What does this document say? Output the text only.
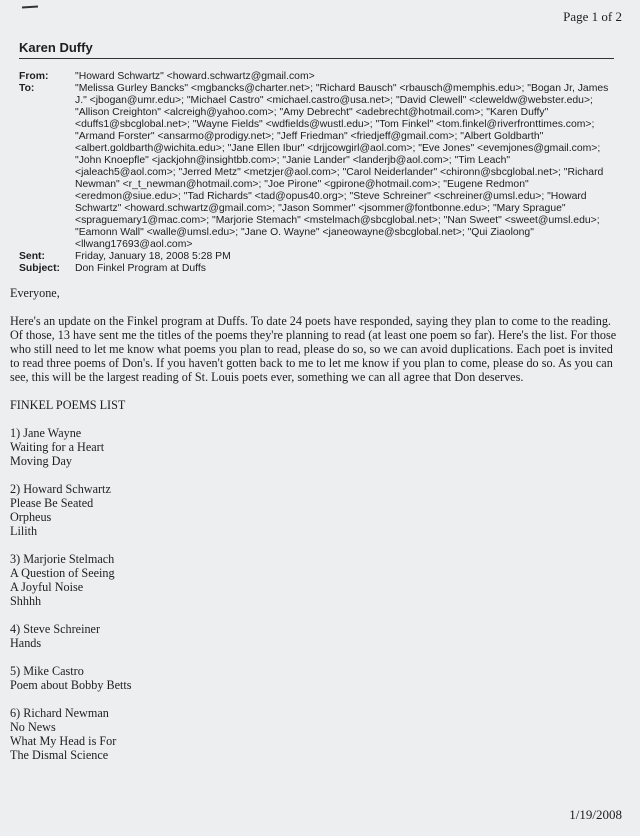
Page 1 of 2
Karen Duffy
From:	"Howard Schwartz" <howard.schwartz@gmail.com>
To:	"Melissa Gurley Bancks" <mgbancks@charter.net>; "Richard Bausch" <rbausch@memphis.edu>; "Bogan Jr, James J." <jbogan@umr.edu>; "Michael Castro" <michael.castro@usa.net>; "David Clewell" <cleweldw@webster.edu>; "Allison Creighton" <alcreigh@yahoo.com>; "Amy Debrecht" <adebrecht@hotmail.com>; "Karen Duffy" <duffs1@sbcglobal.net>; "Wayne Fields" <wdfields@wustl.edu>; "Tom Finkel" <tom.finkel@riverfronttimes.com>; "Armand Forster" <ansarmo@prodigy.net>; "Jeff Friedman" <friedjeff@gmail.com>; "Albert Goldbarth" <albert.goldbarth@wichita.edu>; "Jane Ellen Ibur" <drjjcowgirl@aol.com>; "Eve Jones" <evemjones@gmail.com>; "John Knoepfle" <jackjohn@insightbb.com>; "Janie Lander" <landerjb@aol.com>; "Tim Leach" <jaleach5@aol.com>; "Jerred Metz" <metzjer@aol.com>; "Carol Neiderlander" <chironn@sbcglobal.net>; "Richard Newman" <r_t_newman@hotmail.com>; "Joe Pirone" <gpirone@hotmail.com>; "Eugene Redmon" <eredmon@siue.edu>; "Tad Richards" <tad@opus40.org>; "Steve Schreiner" <schreiner@umsl.edu>; "Howard Schwartz" <howard.schwartz@gmail.com>; "Jason Sommer" <jsommer@fontbonne.edu>; "Mary Sprague" <spraguemary1@mac.com>; "Marjorie Stemach" <mstelmach@sbcglobal.net>; "Nan Sweet" <sweet@umsl.edu>; "Eamonn Wall" <walle@umsl.edu>; "Jane O. Wayne" <janeowayne@sbcglobal.net>; "Qui Ziaolong" <llwang17693@aol.com>
Sent:	Friday, January 18, 2008 5:28 PM
Subject:	Don Finkel Program at Duffs

Everyone,

Here's an update on the Finkel program at Duffs. To date 24 poets have responded, saying they plan to come to the reading. Of those, 13 have sent me the titles of the poems they're planning to read (at least one poem so far). Here's the list. For those who still need to let me know what poems you plan to read, please do so, so we can avoid duplications. Each poet is invited to read three poems of Don's. If you haven't gotten back to me to let me know if you plan to come, please do so. As you can see, this will be the largest reading of St. Louis poets ever, something we can all agree that Don deserves.

FINKEL POEMS LIST

1) Jane Wayne
Waiting for a Heart
Moving Day
2) Howard Schwartz
Please Be Seated
Orpheus
Lilith
3) Marjorie Stelmach
A Question of Seeing
A Joyful Noise
Shhhh
4) Steve Schreiner
Hands
5) Mike Castro
Poem about Bobby Betts
6) Richard Newman
No News
What My Head is For
The Dismal Science
1/19/2008
